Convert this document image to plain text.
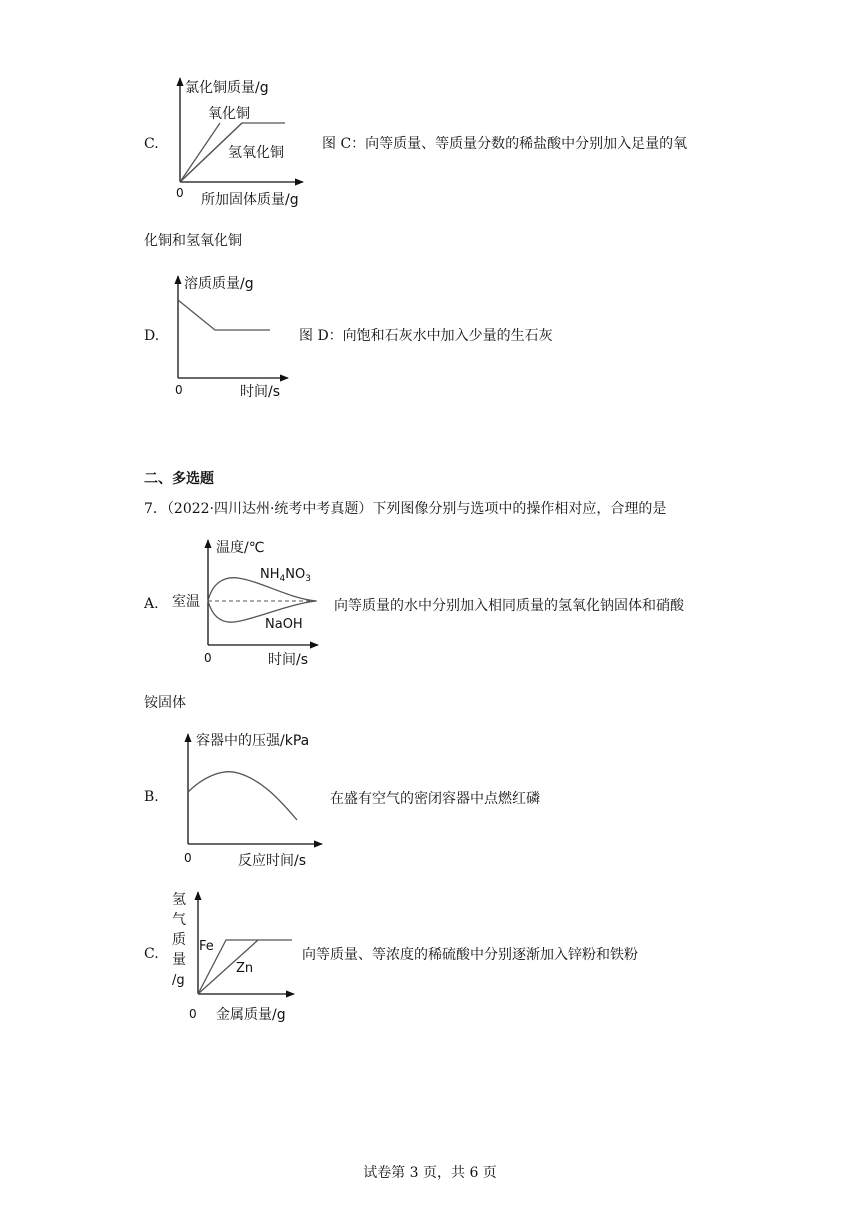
C.
氯化铜质量/g
氧化铜
氢氧化铜
0 所加固体质量/g
图 C：向等质量、等质量分数的稀盐酸中分别加入足量的氧
化铜和氢氧化铜
D.
溶质质量/g
0	时间/s
图 D：向饱和石灰水中加入少量的生石灰
二、多选题
7．（2022·四川达州·统考中考真题）下列图像分别与选项中的操作相对应，合理的是
A.
温度/℃
室温
$NH_4NO_3$
NaOH
0	时间/s
向等质量的水中分别加入相同质量的氢氧化钠固体和硝酸
铵固体
B.
容器中的压强/kPa
0	反应时间/s
在盛有空气的密闭容器中点燃红磷
C.
氢
气
质
量
/g
Fe
Zn
0 金属质量/g
向等质量、等浓度的稀硫酸中分别逐渐加入锌粉和铁粉
试卷第 3 页，共 6 页
